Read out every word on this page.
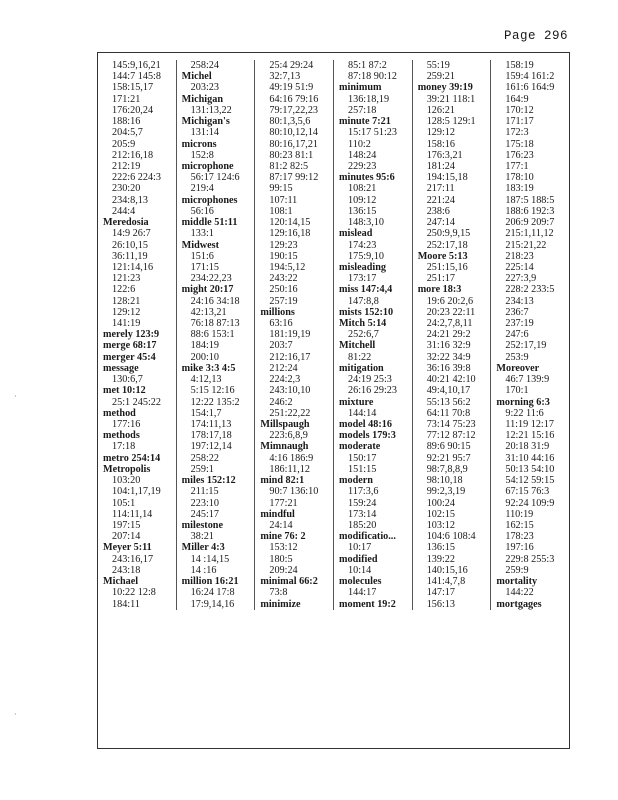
Page 296
·
·
145:9,16,21
144:7 145:8
158:15,17
171:21
176:20,24
188:16
204:5,7
205:9
212:16,18
212:19
222:6 224:3
230:20
234:8,13
244:4
Meredosia
14:9 26:7
26:10,15
36:11,19
121:14,16
121:23
122:6
128:21
129:12
141:19
merely 123:9
merge 68:17
merger 45:4
message
130:6,7
met 10:12
25:1 245:22
method
177:16
methods
17:18
metro 254:14
Metropolis
103:20
104:1,17,19
105:1
114:11,14
197:15
207:14
Meyer 5:11
243:16,17
243:18
Michael
10:22 12:8
184:11
258:24
Michel
203:23
Michigan
131:13,22
Michigan's
131:14
microns
152:8
microphone
56:17 124:6
219:4
microphones
56:16
middle 51:11
133:1
Midwest
151:6
171:15
234:22,23
might 20:17
24:16 34:18
42:13,21
76:18 87:13
88:6 153:1
184:19
200:10
mike 3:3 4:5
4:12,13
5:15 12:16
12:22 135:2
154:1,7
174:11,13
178:17,18
197:12,14
258:22
259:1
miles 152:12
211:15
223:10
245:17
milestone
38:21
Miller 4:3
14 :14,15
14 :16
million 16:21
16:24 17:8
17:9,14,16
25:4 29:24
32:7,13
49:19 51:9
64:16 79:16
79:17,22,23
80:1,3,5,6
80:10,12,14
80:16,17,21
80:23 81:1
81:2 82:5
87:17 99:12
99:15
107:11
108:1
120:14,15
129:16,18
129:23
190:15
194:5,12
243:22
250:16
257:19
millions
63:16
181:19,19
203:7
212:16,17
212:24
224:2,3
243:10,10
246:2
251:22,22
Millspaugh
223:6,8,9
Mimnaugh
4:16 186:9
186:11,12
mind 82:1
90:7 136:10
177:21
mindful
24:14
mine 76: 2
153:12
180:5
209:24
minimal 66:2
73:8
minimize
85:1 87:2
87:18 90:12
minimum
136:18,19
257:18
minute 7:21
15:17 51:23
110:2
148:24
229:23
minutes 95:6
108:21
109:12
136:15
148:3,10
mislead
174:23
175:9,10
misleading
173:17
miss 147:4,4
147:8,8
mists 152:10
Mitch 5:14
252:6,7
Mitchell
81:22
mitigation
24:19 25:3
26:16 29:23
mixture
144:14
model 48:16
models 179:3
moderate
150:17
151:15
modern
117:3,6
159:24
173:14
185:20
modificatio...
10:17
modified
10:14
molecules
144:17
moment 19:2
55:19
259:21
money 39:19
39:21 118:1
126:21
128:5 129:1
129:12
158:16
176:3,21
181:24
194:15,18
217:11
221:24
238:6
247:14
250:9,9,15
252:17,18
Moore 5:13
251:15,16
251:17
more 18:3
19:6 20:2,6
20:23 22:11
24:2,7,8,11
24:21 29:2
31:16 32:9
32:22 34:9
36:16 39:8
40:21 42:10
49:4,10,17
55:13 56:2
64:11 70:8
73:14 75:23
77:12 87:12
89:6 90:15
92:21 95:7
98:7,8,8,9
98:10,18
99:2,3,19
100:24
102:15
103:12
104:6 108:4
136:15
139:22
140:15,16
141:4,7,8
147:17
156:13
158:19
159:4 161:2
161:6 164:9
164:9
170:12
171:17
172:3
175:18
176:23
177:1
178:10
183:19
187:5 188:5
188:6 192:3
206:9 209:7
215:1,11,12
215:21,22
218:23
225:14
227:3,9
228:2 233:5
234:13
236:7
237:19
247:6
252:17,19
253:9
Moreover
46:7 139:9
170:1
morning 6:3
9:22 11:6
11:19 12:17
12:21 15:16
20:18 31:9
31:10 44:16
50:13 54:10
54:12 59:15
67:15 76:3
92:24 109:9
110:19
162:15
178:23
197:16
229:8 255:3
259:9
mortality
144:22
mortgages
